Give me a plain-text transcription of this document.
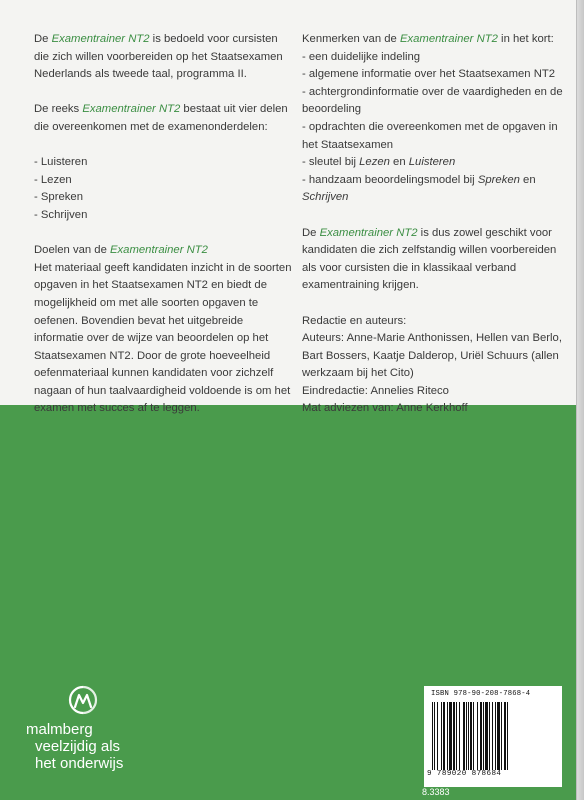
De Examentrainer NT2 is bedoeld voor cursisten die zich willen voorbereiden op het Staatsexamen Nederlands als tweede taal, programma II.

De reeks Examentrainer NT2 bestaat uit vier delen die overeenkomen met de examenonderdelen:

- Luisteren
- Lezen
- Spreken
- Schrijven

Doelen van de Examentrainer NT2

Het materiaal geeft kandidaten inzicht in de soorten opgaven in het Staatsexamen NT2 en biedt de mogelijkheid om met alle soorten opgaven te oefenen. Bovendien bevat het uitgebreide informatie over de wijze van beoordelen op het Staatsexamen NT2. Door de grote hoeveelheid oefenmateriaal kunnen kandidaten voor zichzelf nagaan of hun taalvaardigheid voldoende is om het examen met succes af te leggen.

Kenmerken van de Examentrainer NT2 in het kort:

- een duidelijke indeling
- algemene informatie over het Staatsexamen NT2
- achtergrondinformatie over de vaardigheden en de beoordeling
- opdrachten die overeenkomen met de opgaven in het Staatsexamen
- sleutel bij Lezen en Luisteren
- handzaam beoordelingsmodel bij Spreken en Schrijven

De Examentrainer NT2 is dus zowel geschikt voor kandidaten die zich zelfstandig willen voorbereiden als voor cursisten die in klassikaal verband examentraining krijgen.

Redactie en auteurs:

Auteurs: Anne-Marie Anthonissen, Hellen van Berlo, Bart Bossers, Kaatje Dalderop, Uriël Schuurs (allen werkzaam bij het Cito)

Eindredactie: Annelies Riteco

Mat adviezen van: Anne Kerkhoff

malmberg
veelzijdig als
het onderwijs
ISBN 978-90-208-7868-4
9 789020 878684
8.3383
